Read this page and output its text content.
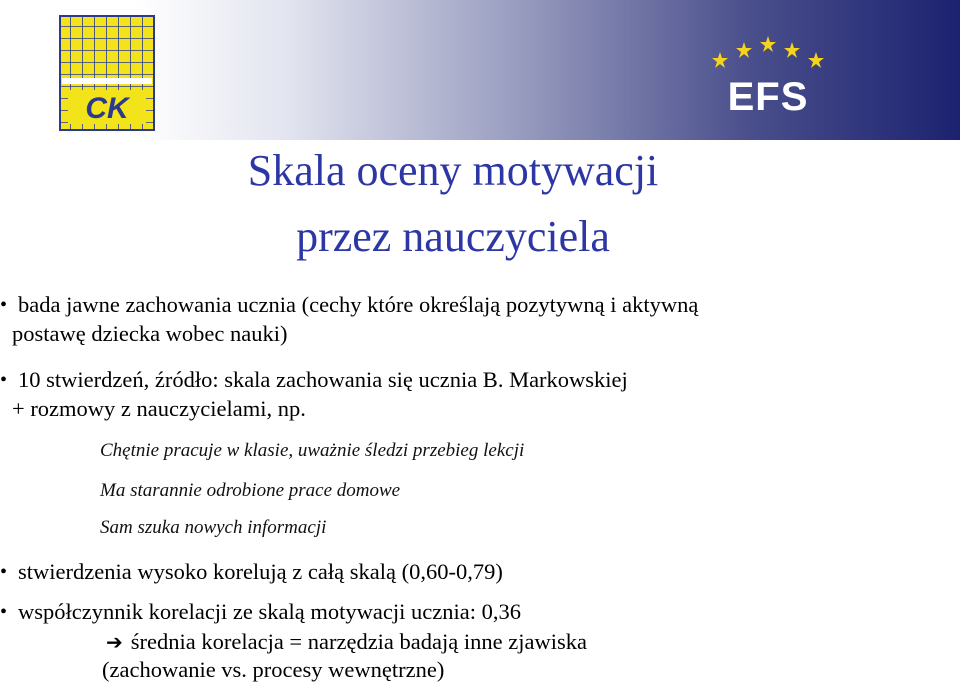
CK	EFS
Skala oceny motywacji
przez nauczyciela
• bada jawne zachowania ucznia (cechy które określają pozytywną i aktywną
postawę dziecka wobec nauki)
• 10 stwierdzeń, źródło: skala zachowania się ucznia B. Markowskiej
+ rozmowy z nauczycielami, np.
Chętnie pracuje w klasie, uważnie śledzi przebieg lekcji
Ma starannie odrobione prace domowe
Sam szuka nowych informacji
• stwierdzenia wysoko korelują z całą skalą (0,60-0,79)
• współczynnik korelacji ze skalą motywacji ucznia: 0,36
➔ średnia korelacja = narzędzia badają inne zjawiska
(zachowanie vs. procesy wewnętrzne)
